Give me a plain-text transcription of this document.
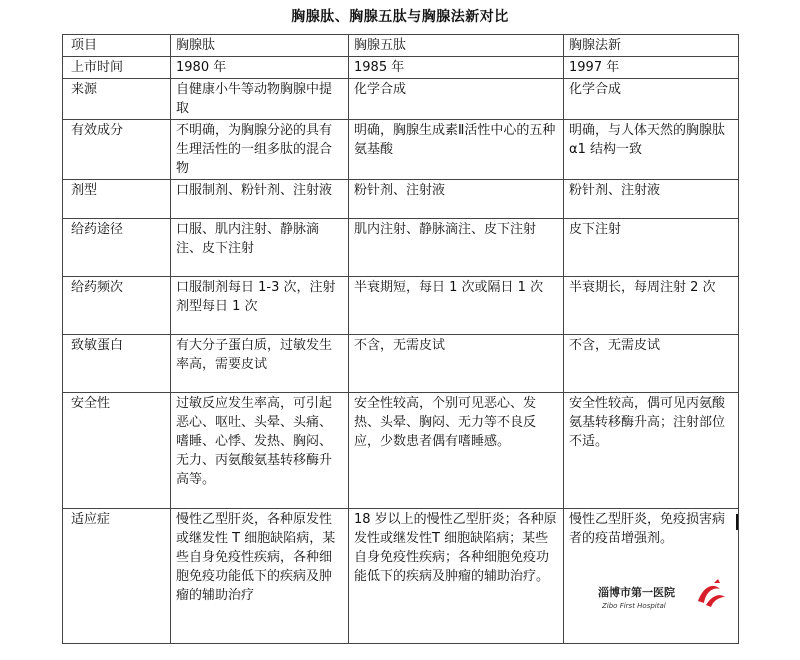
胸腺肽、胸腺五肽与胸腺法新对比
项目	胸腺肽	胸腺五肽	胸腺法新
上市时间	1980 年	1985 年	1997 年
来源	自健康小牛等动物胸腺中提取	化学合成	化学合成
有效成分	不明确，为胸腺分泌的具有生理活性的一组多肽的混合物	明确，胸腺生成素Ⅱ活性中心的五种氨基酸	明确，与人体天然的胸腺肽α1 结构一致
剂型	口服制剂、粉针剂、注射液	粉针剂、注射液	粉针剂、注射液
给药途径	口服、肌内注射、静脉滴注、皮下注射	肌内注射、静脉滴注、皮下注射	皮下注射
给药频次	口服制剂每日 1-3 次，注射剂型每日 1 次	半衰期短，每日 1 次或隔日 1 次	半衰期长，每周注射 2 次
致敏蛋白	有大分子蛋白质，过敏发生率高，需要皮试	不含，无需皮试	不含，无需皮试
安全性	过敏反应发生率高，可引起恶心、呕吐、头晕、头痛、嗜睡、心悸、发热、胸闷、无力、丙氨酸氨基转移酶升高等。	安全性较高，个别可见恶心、发热、头晕、胸闷、无力等不良反应，少数患者偶有嗜睡感。	安全性较高，偶可见丙氨酸氨基转移酶升高；注射部位不适。
适应症	慢性乙型肝炎，各种原发性或继发性 T 细胞缺陷病，某些自身免疫性疾病，各种细胞免疫功能低下的疾病及肿瘤的辅助治疗	18 岁以上的慢性乙型肝炎；各种原发性或继发性T 细胞缺陷病；某些自身免疫性疾病；各种细胞免疫功能低下的疾病及肿瘤的辅助治疗。	慢性乙型肝炎，免疫损害病者的疫苗增强剂。
淄博市第一医院
Zibo First Hospital
